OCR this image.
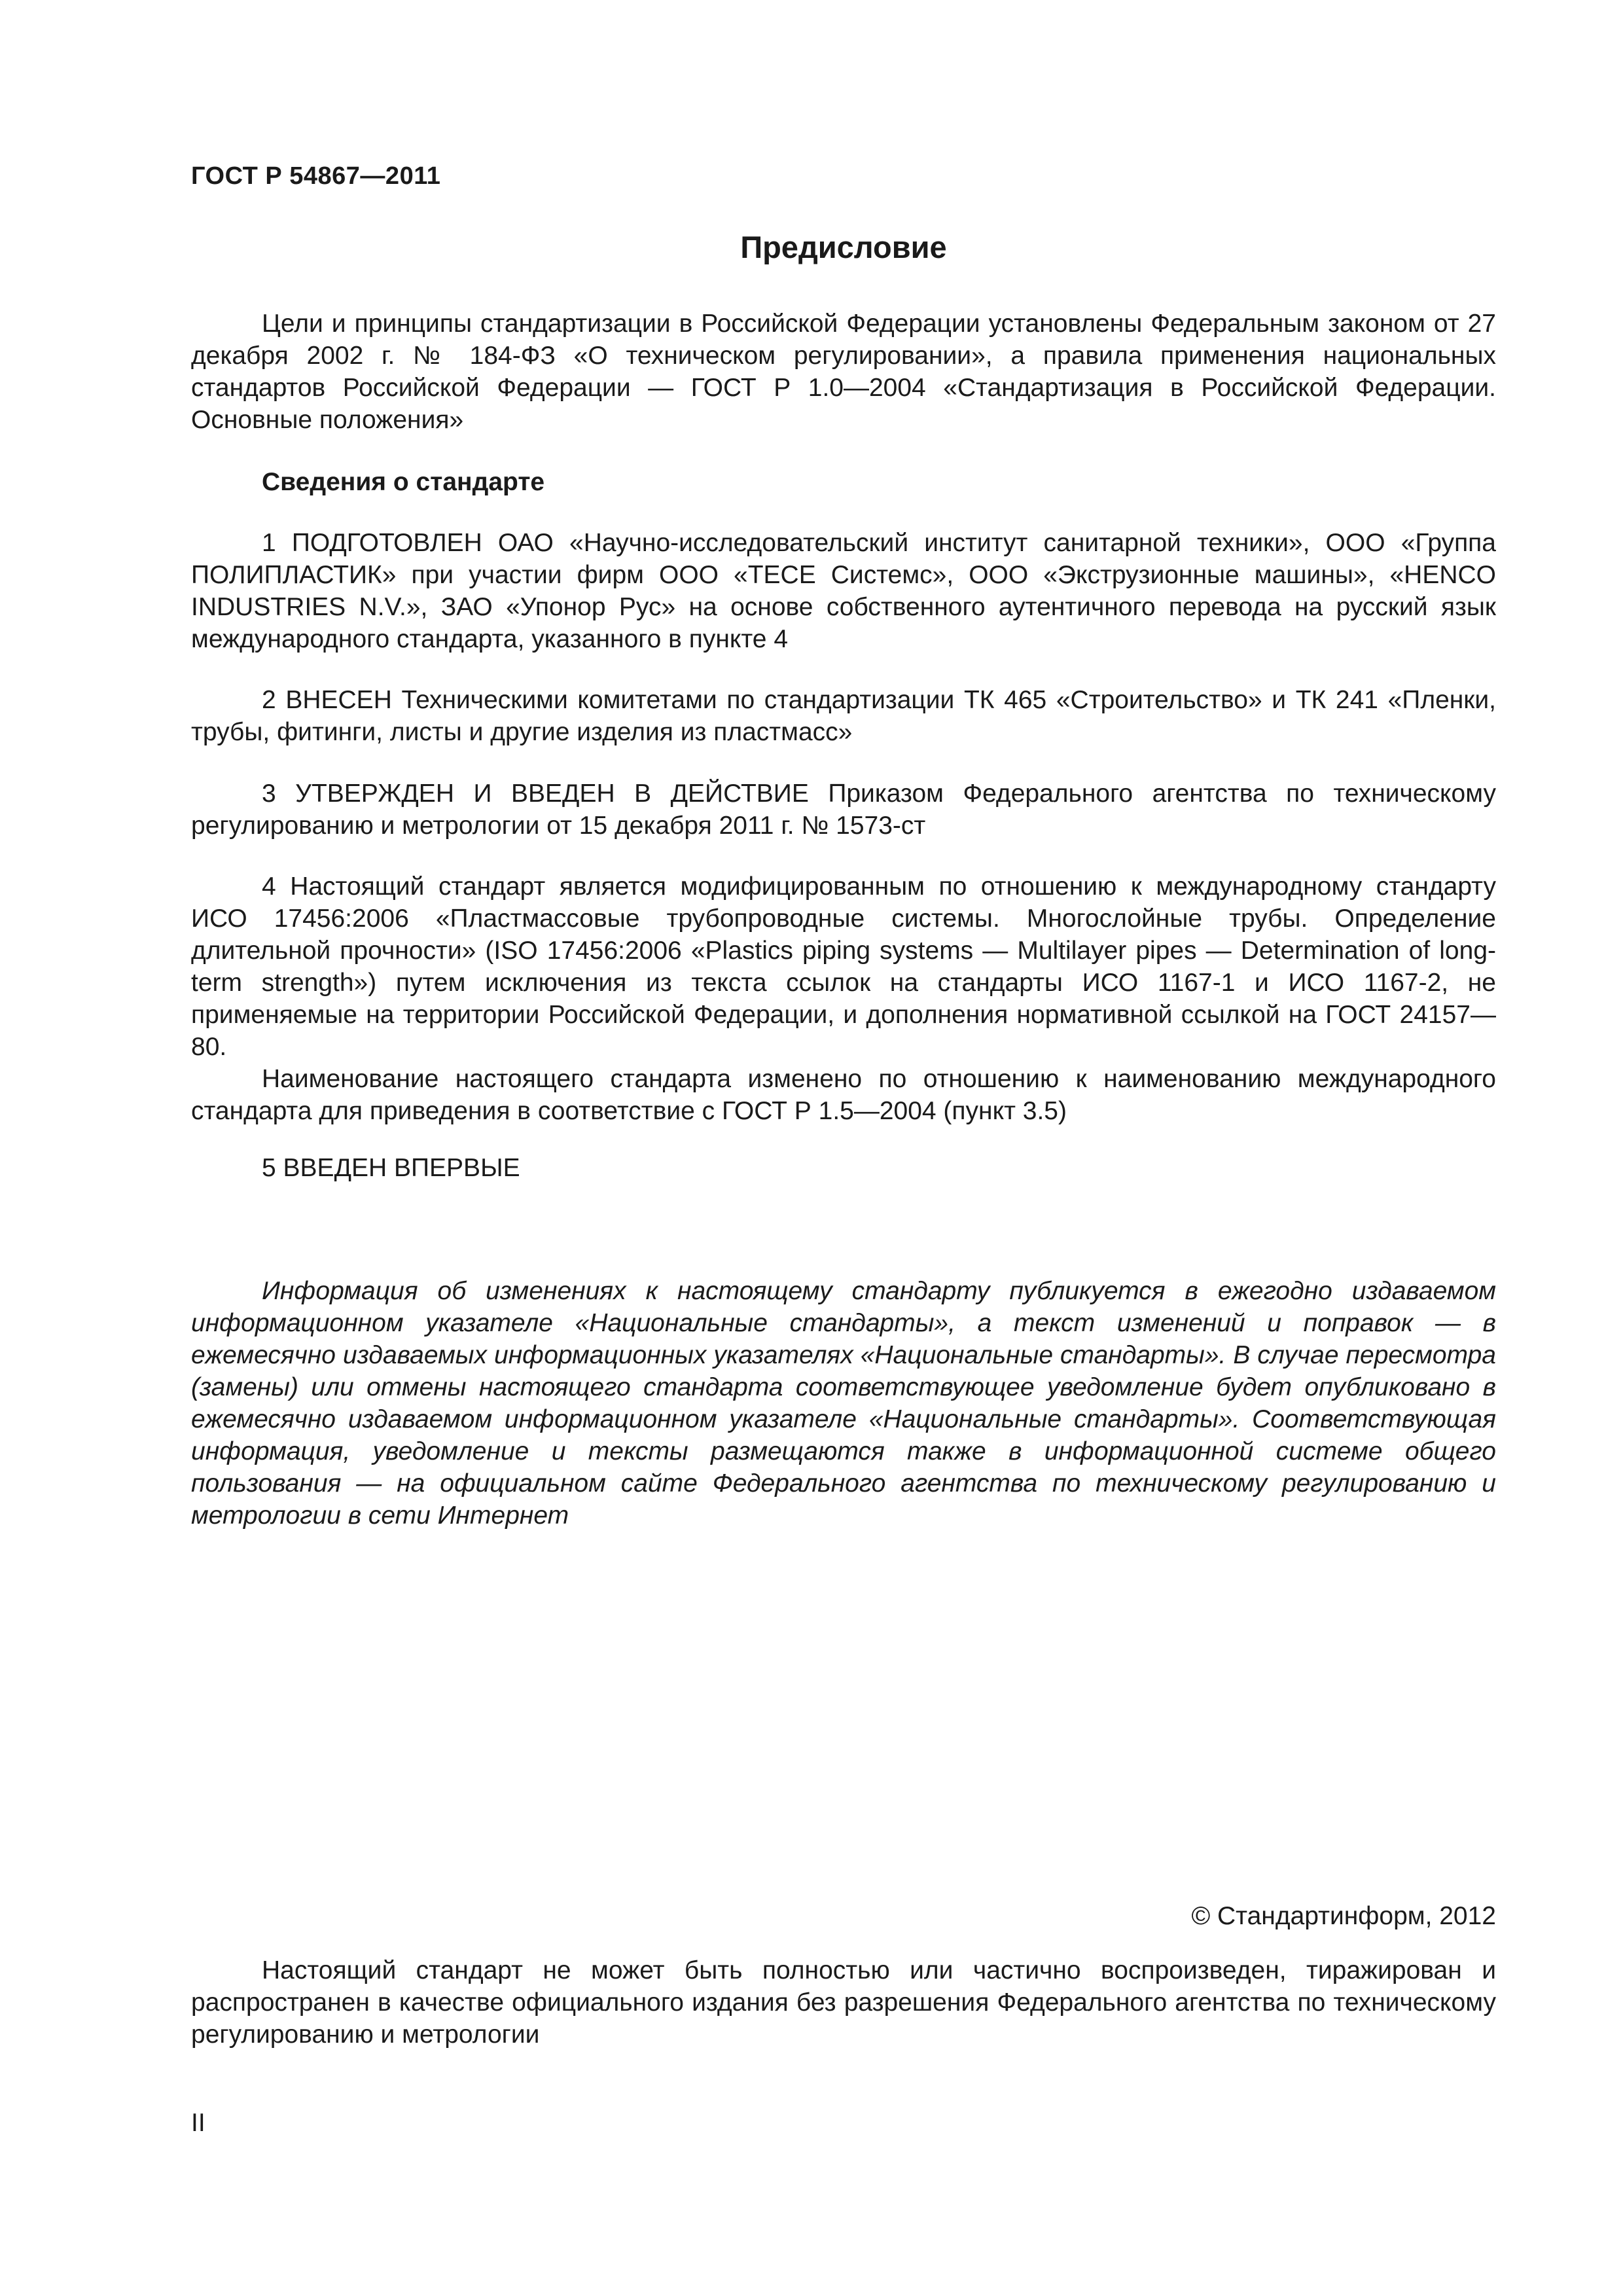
ГОСТ Р 54867—2011
Предисловие

Цели и принципы стандартизации в Российской Федерации установлены Федеральным законом от 27 декабря 2002 г. № 184-ФЗ «О техническом регулировании», а правила применения национальных стандартов Российской Федерации — ГОСТ Р 1.0—2004 «Стандартизация в Российской Федерации. Основные положения»

Сведения о стандарте

1 ПОДГОТОВЛЕН ОАО «Научно-исследовательский институт санитарной техники», ООО «Группа ПОЛИПЛАСТИК» при участии фирм ООО «ТЕСЕ Системс», ООО «Экструзионные машины», «HENCO INDUSTRIES N.V.», ЗАО «Упонор Рус» на основе собственного аутентичного перевода на русский язык международного стандарта, указанного в пункте 4

2 ВНЕСЕН Техническими комитетами по стандартизации ТК 465 «Строительство» и ТК 241 «Пленки, трубы, фитинги, листы и другие изделия из пластмасс»

3 УТВЕРЖДЕН И ВВЕДЕН В ДЕЙСТВИЕ Приказом Федерального агентства по техническому регулированию и метрологии от 15 декабря 2011 г. № 1573-ст

4 Настоящий стандарт является модифицированным по отношению к международному стандарту ИСО 17456:2006 «Пластмассовые трубопроводные системы. Многослойные трубы. Определение длительной прочности» (ISO 17456:2006 «Plastics piping systems — Multilayer pipes — Determination of long-term strength») путем исключения из текста ссылок на стандарты ИСО 1167-1 и ИСО 1167-2, не применяемые на территории Российской Федерации, и дополнения нормативной ссылкой на ГОСТ 24157—80.

Наименование настоящего стандарта изменено по отношению к наименованию международного стандарта для приведения в соответствие с ГОСТ Р 1.5—2004 (пункт 3.5)

5 ВВЕДЕН ВПЕРВЫЕ

Информация об изменениях к настоящему стандарту публикуется в ежегодно издаваемом информационном указателе «Национальные стандарты», а текст изменений и поправок — в ежемесячно издаваемых информационных указателях «Национальные стандарты». В случае пересмотра (замены) или отмены настоящего стандарта соответствующее уведомление будет опубликовано в ежемесячно издаваемом информационном указателе «Национальные стандарты». Соответствующая информация, уведомление и тексты размещаются также в информационной системе общего пользования — на официальном сайте Федерального агентства по техническому регулированию и метрологии в сети Интернет

© Стандартинформ, 2012

Настоящий стандарт не может быть полностью или частично воспроизведен, тиражирован и распространен в качестве официального издания без разрешения Федерального агентства по техническому регулированию и метрологии

II
